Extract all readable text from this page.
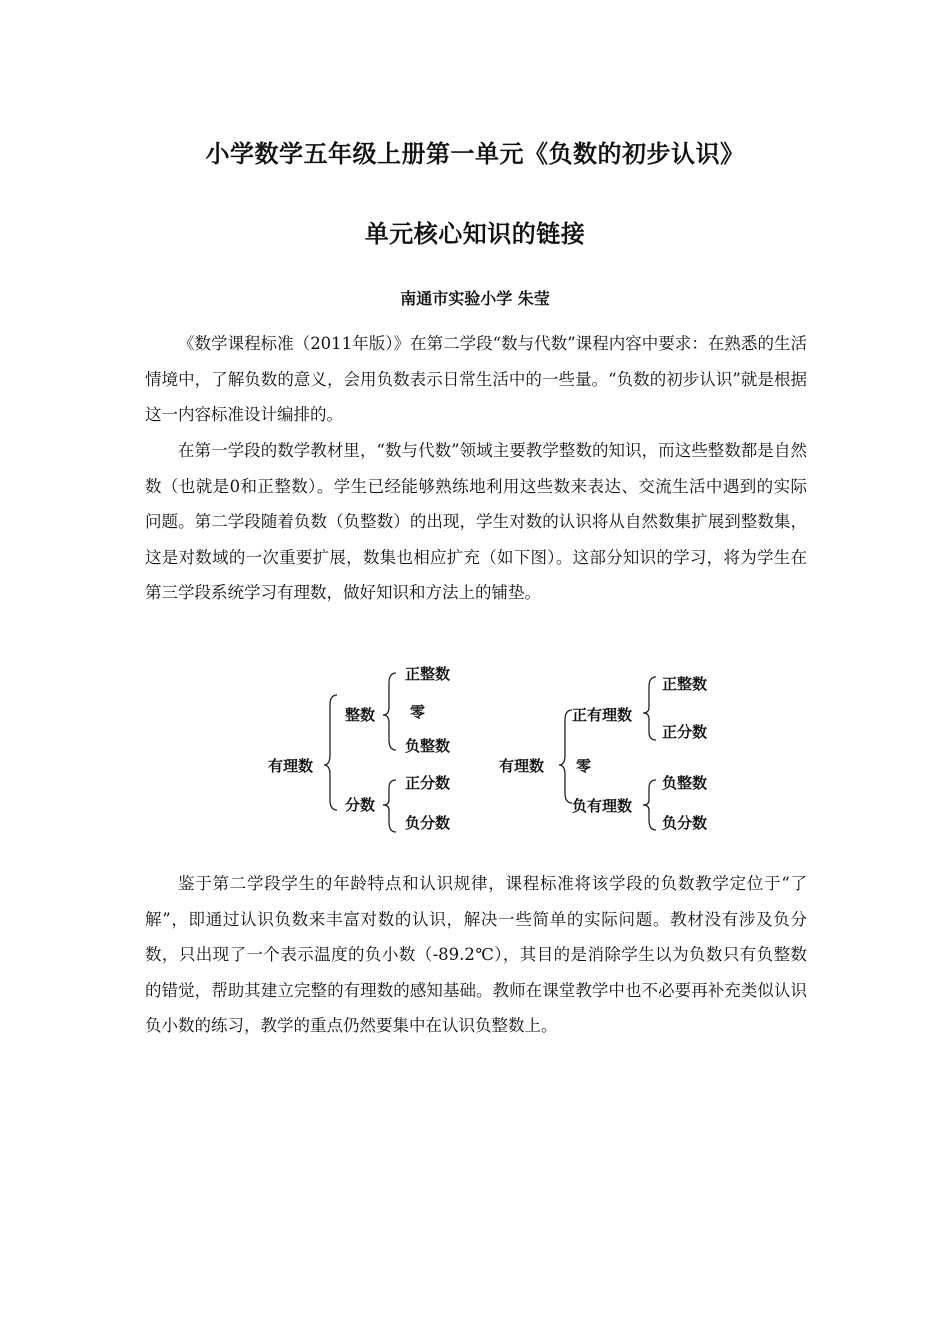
小学数学五年级上册第一单元《负数的初步认识》
单元核心知识的链接
南通市实验小学 朱莹

《数学课程标准（2011年版）》在第二学段“数与代数”课程内容中要求：在熟悉的生活情境中，了解负数的意义，会用负数表示日常生活中的一些量。“负数的初步认识”就是根据这一内容标准设计编排的。

在第一学段的数学教材里，“数与代数”领域主要教学整数的知识，而这些整数都是自然数（也就是0和正整数）。学生已经能够熟练地利用这些数来表达、交流生活中遇到的实际问题。第二学段随着负数（负整数）的出现，学生对数的认识将从自然数集扩展到整数集，这是对数域的一次重要扩展，数集也相应扩充（如下图）。这部分知识的学习，将为学生在第三学段系统学习有理数，做好知识和方法上的铺垫。

有理数
整数
正整数
零
负整数
分数
正分数
负分数
有理数
正有理数
正整数
正分数
零
负有理数
负整数
负分数

鉴于第二学段学生的年龄特点和认识规律，课程标准将该学段的负数教学定位于“了解”，即通过认识负数来丰富对数的认识，解决一些简单的实际问题。教材没有涉及负分数，只出现了一个表示温度的负小数（-89.2℃），其目的是消除学生以为负数只有负整数的错觉，帮助其建立完整的有理数的感知基础。教师在课堂教学中也不必要再补充类似认识负小数的练习，教学的重点仍然要集中在认识负整数上。
